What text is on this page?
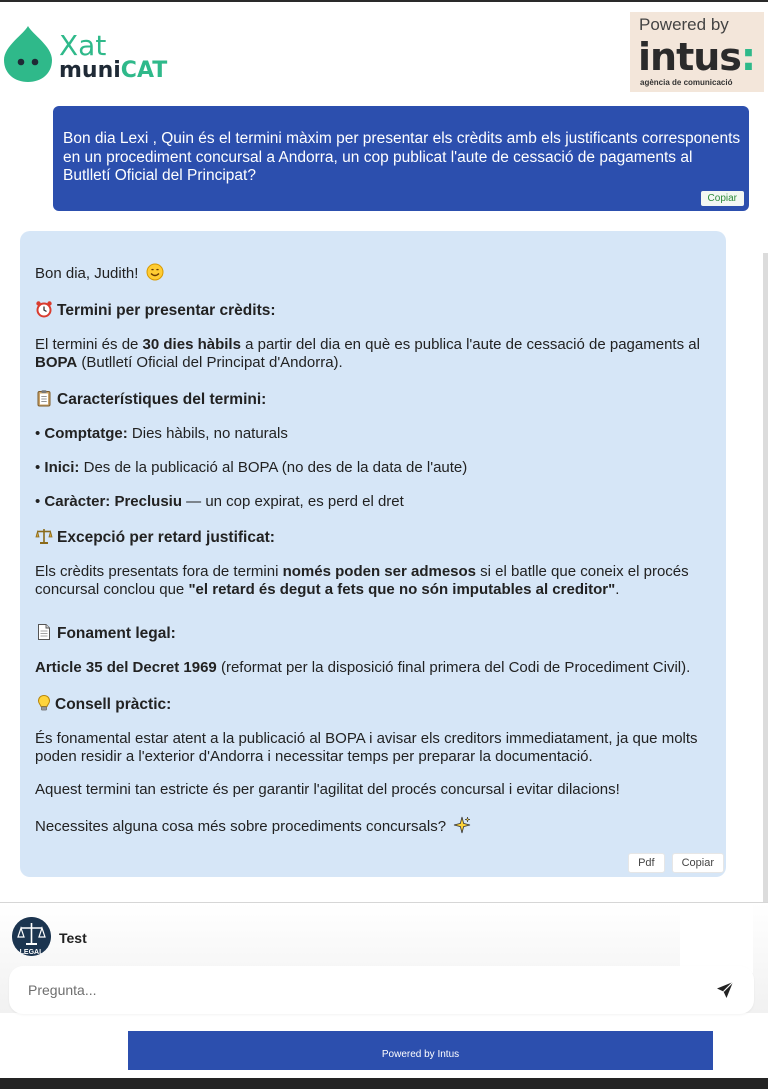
Xat
muniCAT
Powered by
intus:
agència de comunicació
Bon dia Lexi , Quin és el termini màxim per presentar els crèdits amb els justificants corresponents en un procediment concursal a Andorra, un cop publicat l'aute de cessació de pagaments al Butlletí Oficial del Principat?
Copiar

Bon dia, Judith!

Termini per presentar crèdits:

El termini és de 30 dies hàbils a partir del dia en què es publica l'aute de cessació de pagaments al BOPA (Butlletí Oficial del Principat d'Andorra).

Característiques del termini:

• Comptatge: Dies hàbils, no naturals

• Inici: Des de la publicació al BOPA (no des de la data de l'aute)

• Caràcter: Preclusiu — un cop expirat, es perd el dret

Excepció per retard justificat:

Els crèdits presentats fora de termini només poden ser admesos si el batlle que coneix el procés concursal conclou que "el retard és degut a fets que no són imputables al creditor".

Fonament legal:

Article 35 del Decret 1969 (reformat per la disposició final primera del Codi de Procediment Civil).

Consell pràctic:

És fonamental estar atent a la publicació al BOPA i avisar els creditors immediatament, ja que molts poden residir a l'exterior d'Andorra i necessitar temps per preparar la documentació.

Aquest termini tan estricte és per garantir l'agilitat del procés concursal i evitar dilacions!

Necessites alguna cosa més sobre procediments concursals?

Pdf	Copiar
LEGAL
Test
Pregunta...
Powered by Intus
